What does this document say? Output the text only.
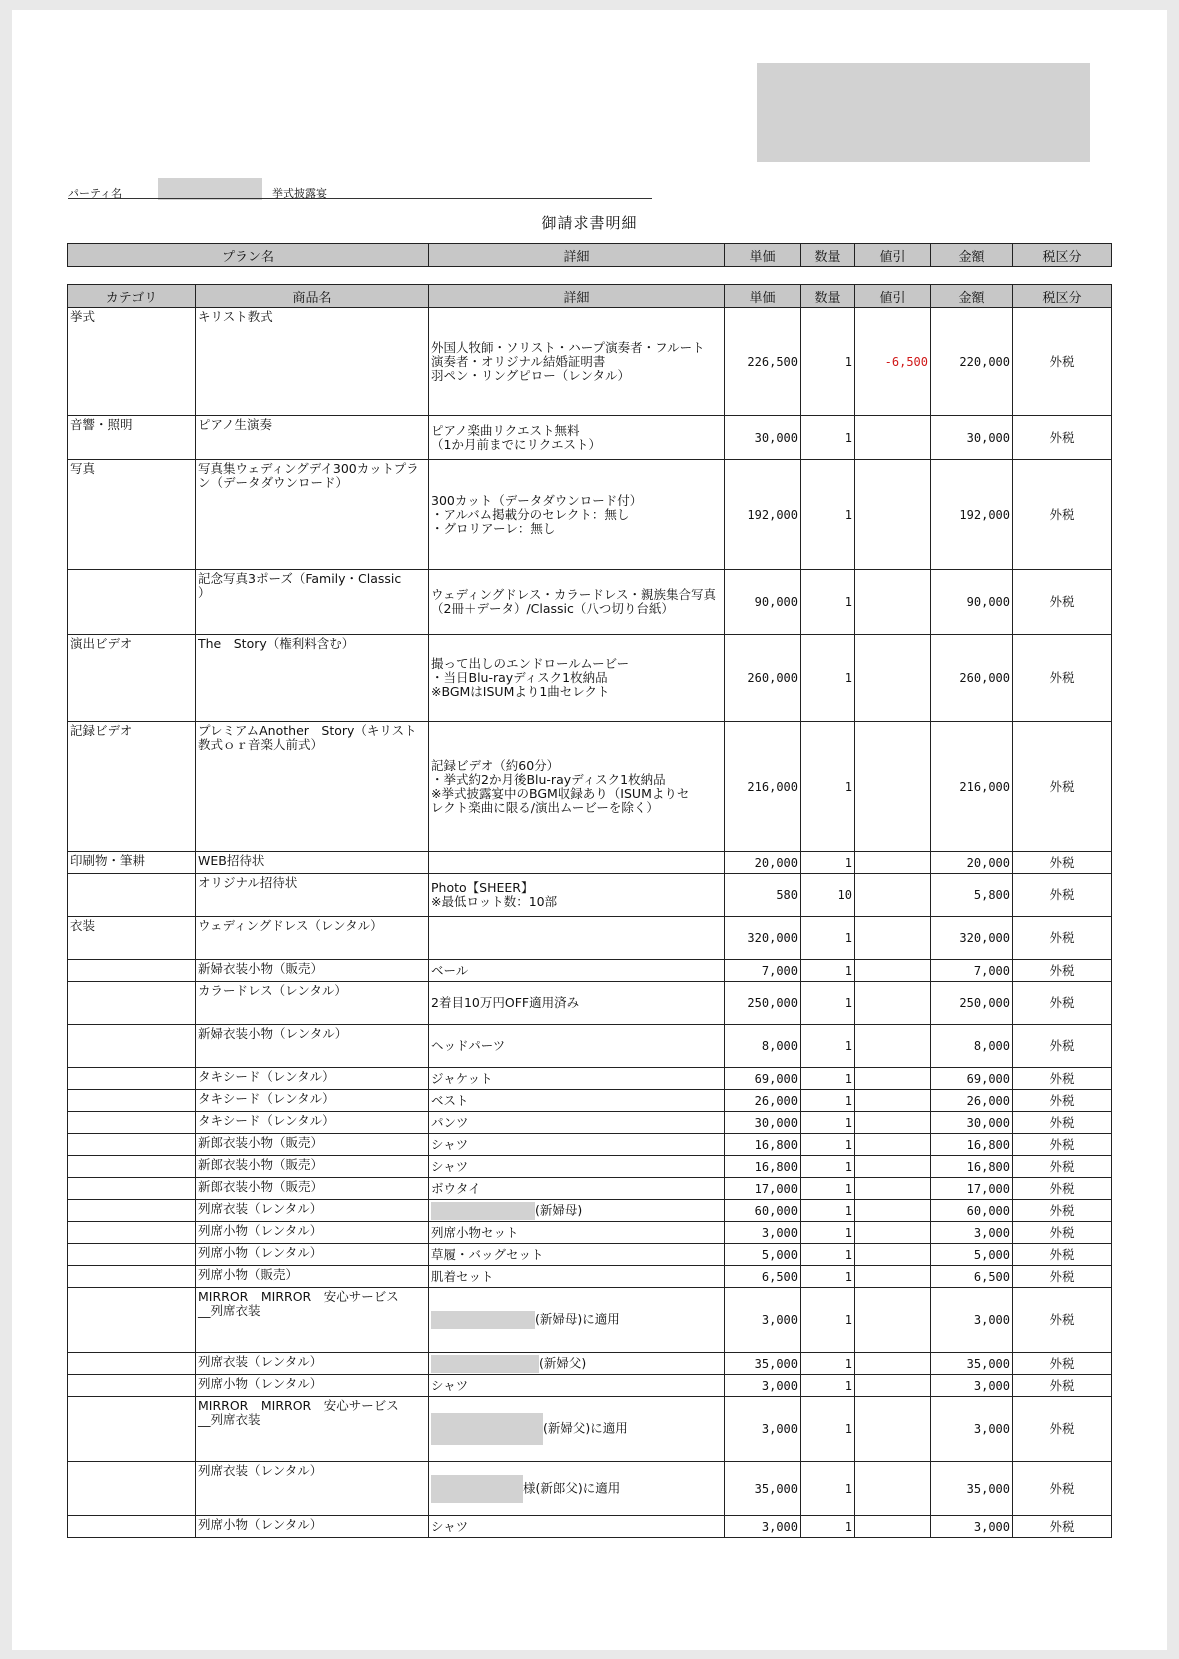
パーティ名	挙式披露宴
御請求書明細
プラン名	詳細	単価	数量	値引	金額	税区分
カテゴリ	商品名	詳細	単価	数量	値引	金額	税区分
挙式	キリスト教式	外国人牧師・ソリスト・ハープ演奏者・フルート
演奏者・オリジナル結婚証明書
羽ペン・リングピロー（レンタル）	226,500	1	-6,500	220,000	外税
音響・照明	ピアノ生演奏	ピアノ楽曲リクエスト無料
（1か月前までにリクエスト）	30,000	1		30,000	外税
写真	写真集ウェディングデイ300カットプラン（データダウンロード）	300カット（データダウンロード付）
・アルバム掲載分のセレクト：無し
・グロリアーレ：無し	192,000	1		192,000	外税
	記念写真3ポーズ（Family・Classic
）	ウェディングドレス・カラードレス・親族集合写真
（2冊＋データ）/Classic（八つ切り台紙）	90,000	1		90,000	外税
演出ビデオ	The　Story（権利料含む）	撮って出しのエンドロールムービー
・当日Blu-rayディスク1枚納品
※BGMはISUMより1曲セレクト	260,000	1		260,000	外税
記録ビデオ	プレミアムAnother　Story（キリスト教式ｏｒ音楽人前式）	記録ビデオ（約60分）
・挙式約2か月後Blu-rayディスク1枚納品
※挙式披露宴中のBGM収録あり（ISUMよりセ
レクト楽曲に限る/演出ムービーを除く）	216,000	1		216,000	外税
印刷物・筆耕	WEB招待状		20,000	1		20,000	外税
	オリジナル招待状	Photo【SHEER】
※最低ロット数：10部	580	10		5,800	外税
衣装	ウェディングドレス（レンタル）		320,000	1		320,000	外税
	新婦衣装小物（販売）	ベール	7,000	1		7,000	外税
	カラードレス（レンタル）	2着目10万円OFF適用済み	250,000	1		250,000	外税
	新婦衣装小物（レンタル）	ヘッドパーツ	8,000	1		8,000	外税
	タキシード（レンタル）	ジャケット	69,000	1		69,000	外税
	タキシード（レンタル）	ベスト	26,000	1		26,000	外税
	タキシード（レンタル）	パンツ	30,000	1		30,000	外税
	新郎衣装小物（販売）	シャツ	16,800	1		16,800	外税
	新郎衣装小物（販売）	シャツ	16,800	1		16,800	外税
	新郎衣装小物（販売）	ボウタイ	17,000	1		17,000	外税
	列席衣装（レンタル）	(新婦母)	60,000	1		60,000	外税
	列席小物（レンタル）	列席小物セット	3,000	1		3,000	外税
	列席小物（レンタル）	草履・バッグセット	5,000	1		5,000	外税
	列席小物（販売）	肌着セット	6,500	1		6,500	外税
	MIRROR　MIRROR　安心サービス
__列席衣装	(新婦母)に適用	3,000	1		3,000	外税
	列席衣装（レンタル）	(新婦父)	35,000	1		35,000	外税
	列席小物（レンタル）	シャツ	3,000	1		3,000	外税
	MIRROR　MIRROR　安心サービス
__列席衣装	(新婦父)に適用	3,000	1		3,000	外税
	列席衣装（レンタル）	様(新郎父)に適用	35,000	1		35,000	外税
	列席小物（レンタル）	シャツ	3,000	1		3,000	外税
